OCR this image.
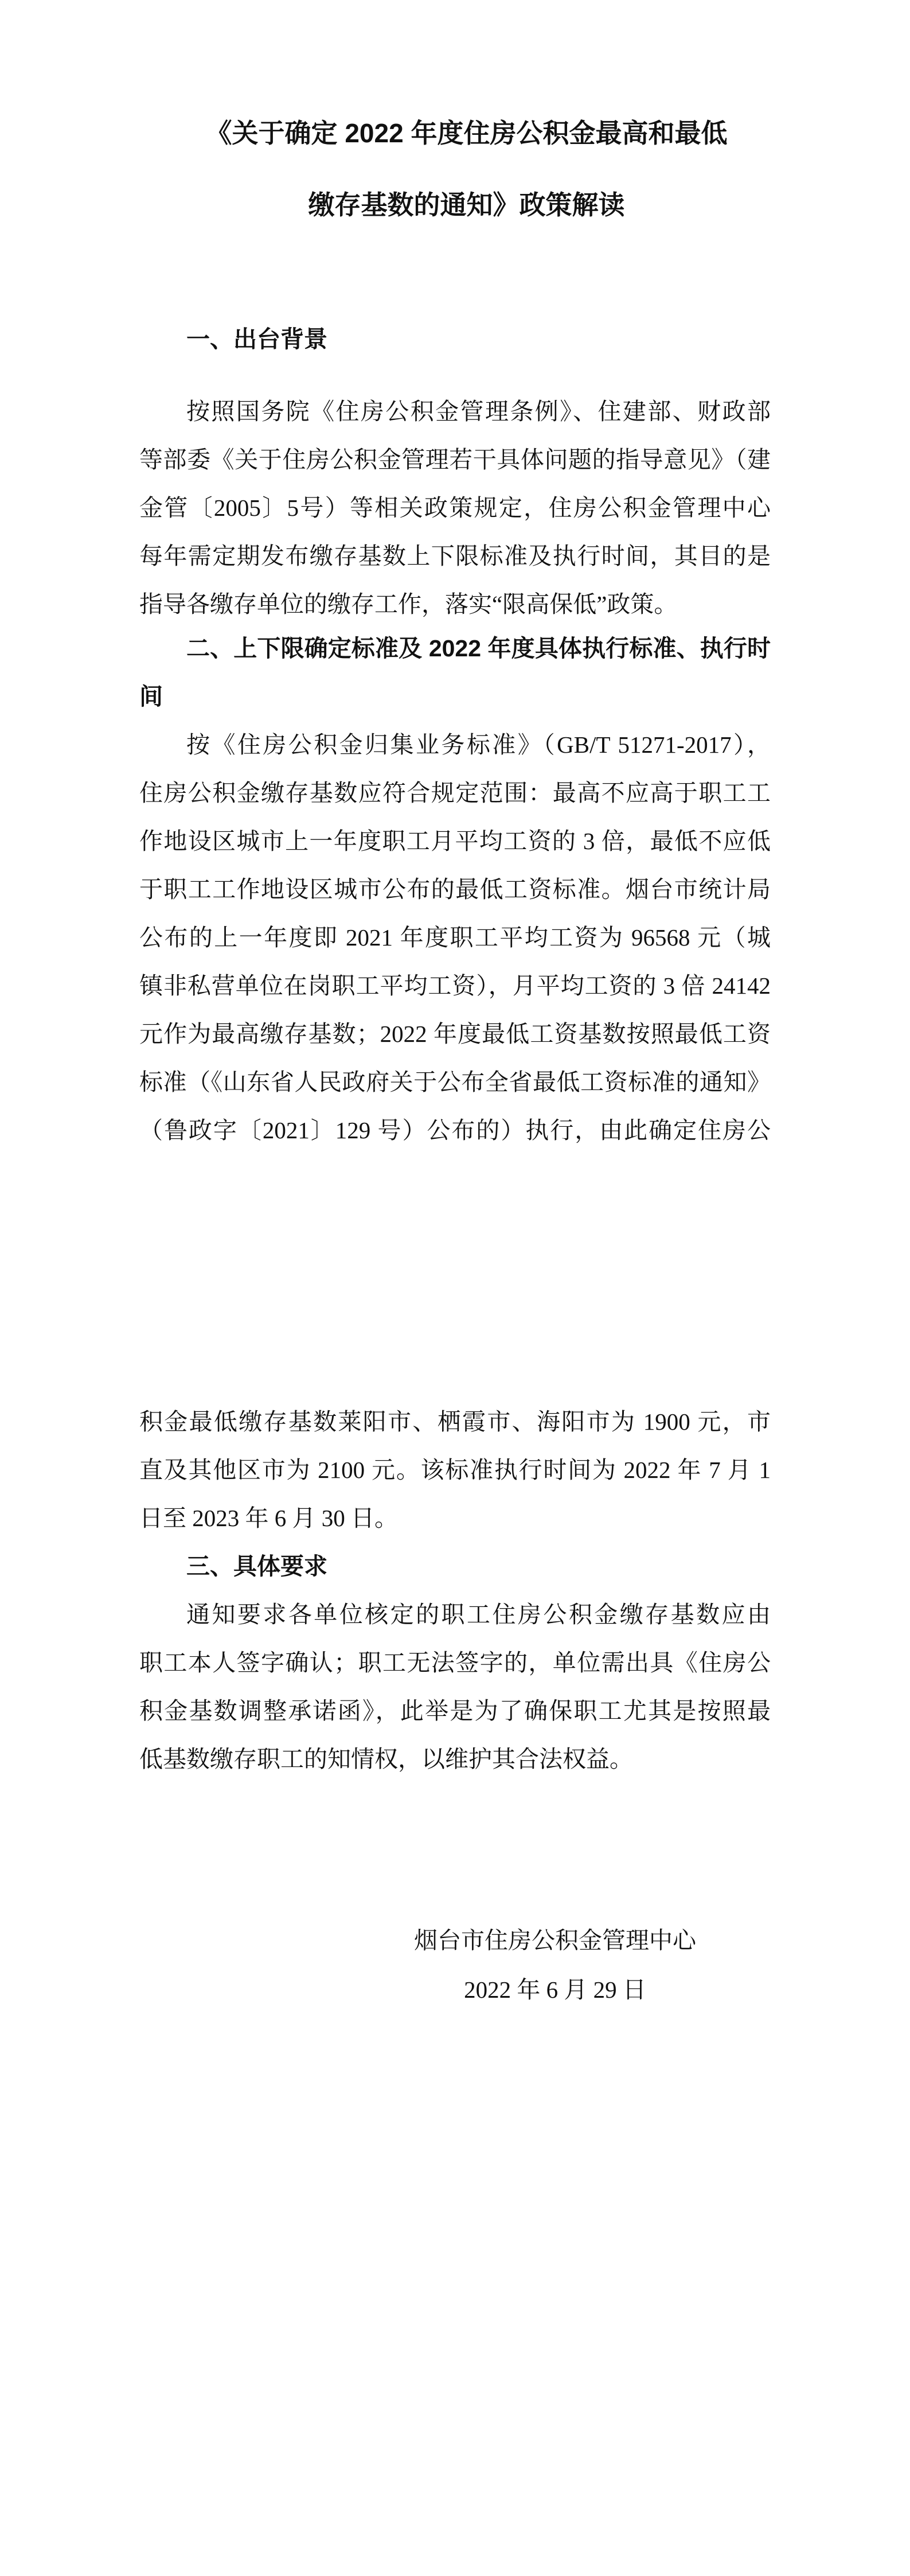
《关于确定 2022 年度住房公积金最高和最低
缴存基数的通知》政策解读
一、出台背景
按照国务院《住房公积金管理条例》、住建部、财政部
等部委《关于住房公积金管理若干具体问题的指导意见》（建
金管〔2005〕5号）等相关政策规定，住房公积金管理中心
每年需定期发布缴存基数上下限标准及执行时间，其目的是
指导各缴存单位的缴存工作，落实“限高保低”政策。
二、上下限确定标准及 2022 年度具体执行标准、执行时
间
按《住房公积金归集业务标准》（GB/T 51271-2017），
住房公积金缴存基数应符合规定范围：最高不应高于职工工
作地设区城市上一年度职工月平均工资的 3 倍，最低不应低
于职工工作地设区城市公布的最低工资标准。烟台市统计局
公布的上一年度即 2021 年度职工平均工资为 96568 元（城
镇非私营单位在岗职工平均工资），月平均工资的 3 倍 24142
元作为最高缴存基数；2022 年度最低工资基数按照最低工资
标准（《山东省人民政府关于公布全省最低工资标准的通知》
（鲁政字〔2021〕129 号）公布的）执行，由此确定住房公
积金最低缴存基数莱阳市、栖霞市、海阳市为 1900 元，市
直及其他区市为 2100 元。该标准执行时间为 2022 年 7 月 1
日至 2023 年 6 月 30 日。
三、具体要求
通知要求各单位核定的职工住房公积金缴存基数应由
职工本人签字确认；职工无法签字的，单位需出具《住房公
积金基数调整承诺函》，此举是为了确保职工尤其是按照最
低基数缴存职工的知情权，以维护其合法权益。
烟台市住房公积金管理中心
2022 年 6 月 29 日
